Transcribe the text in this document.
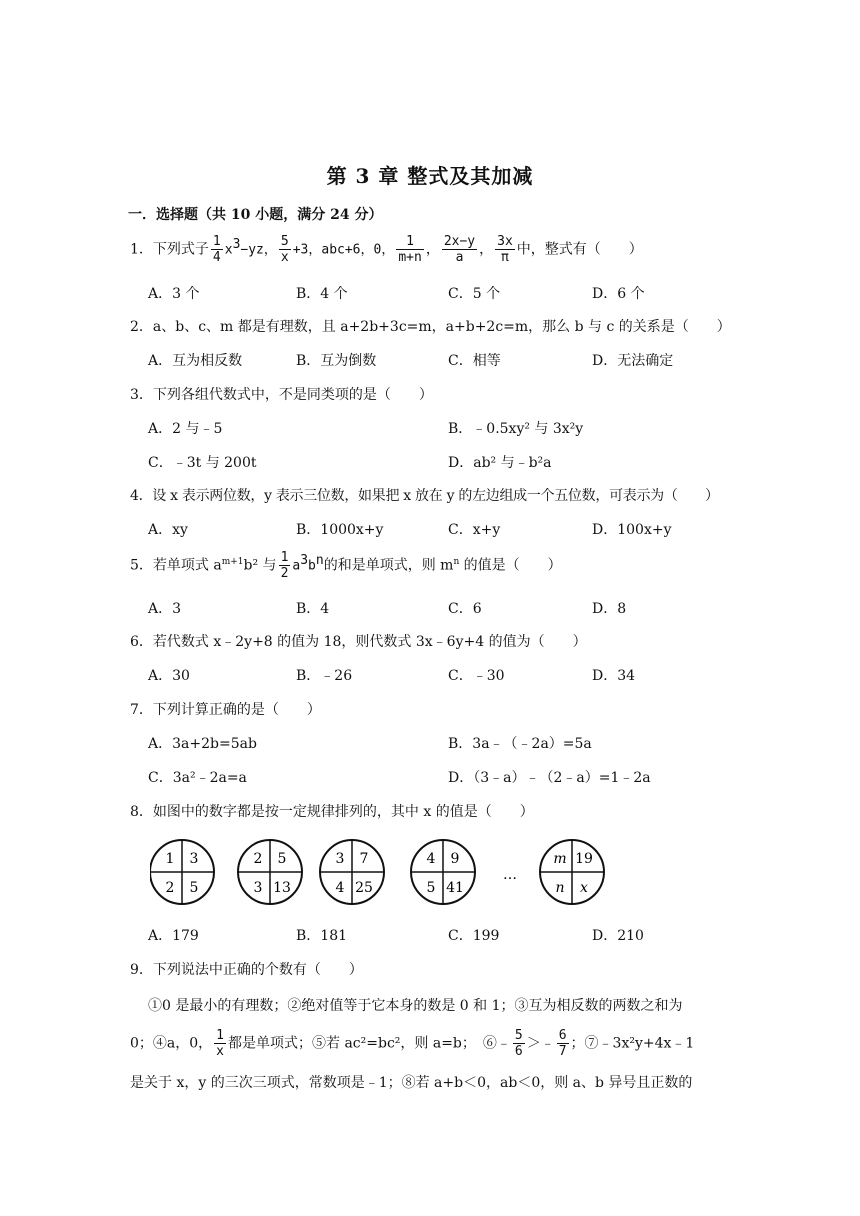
第 3 章 整式及其加减
一．选择题（共 10 小题，满分 24 分）
1．下列式子 $\frac{1}{4} x^3-yz$， $\frac{5}{x} +3$，abc+6，0， $\frac{1}{m+n}$ ， $\frac{2x-y}{a}$ ， $\frac{3x}{\pi}$ 中，整式有（　　）
A．3 个	B．4 个	C．5 个	D．6 个
2．a、b、c、m 都是有理数，且 a+2b+3c=m，a+b+2c=m，那么 b 与 c 的关系是（　　）
A．互为相反数	B．互为倒数	C．相等	D．无法确定
3．下列各组代数式中，不是同类项的是（　　）
A．2 与﹣5	B．﹣0.5xy² 与 3x²y
C．﹣3t 与 200t	D．ab² 与﹣b²a
4．设 x 表示两位数，y 表示三位数，如果把 x 放在 y 的左边组成一个五位数，可表示为（　　）
A．xy	B．1000x+y	C．x+y	D．100x+y
5．若单项式 $a^{m+1}b^2$ 与 $\frac{1}{2} a^3b^n$的和是单项式，则 $m^n$ 的值是（　　）
A．3	B．4	C．6	D．8
6．若代数式 x﹣2y+8 的值为 18，则代数式 3x﹣6y+4 的值为（　　）
A．30	B．﹣26	C．﹣30	D．34
7．下列计算正确的是（　　）
A．3a+2b=5ab	B．3a﹣（﹣2a）=5a
C．3a²﹣2a=a	D．（3﹣a）﹣（2﹣a）=1﹣2a
8．如图中的数字都是按一定规律排列的，其中 x 的值是（　　）
1 3
2 5
2 5
3 13
3 7
4 25
4 9
5 41
m 19
n x
…
A．179	B．181	C．199	D．210
9．下列说法中正确的个数有（　　）
①0 是最小的有理数；②绝对值等于它本身的数是 0 和 1；③互为相反数的两数之和为
0；④a，0， $\frac{1}{x}$ 都是单项式；⑤若 ac²=bc²，则 a=b；　⑥﹣ $\frac{5}{6}$ ＞﹣ $\frac{6}{7}$ ；⑦﹣3x²y+4x﹣1
是关于 x，y 的三次三项式，常数项是﹣1；⑧若 a+b＜0，ab＜0，则 a、b 异号且正数的
